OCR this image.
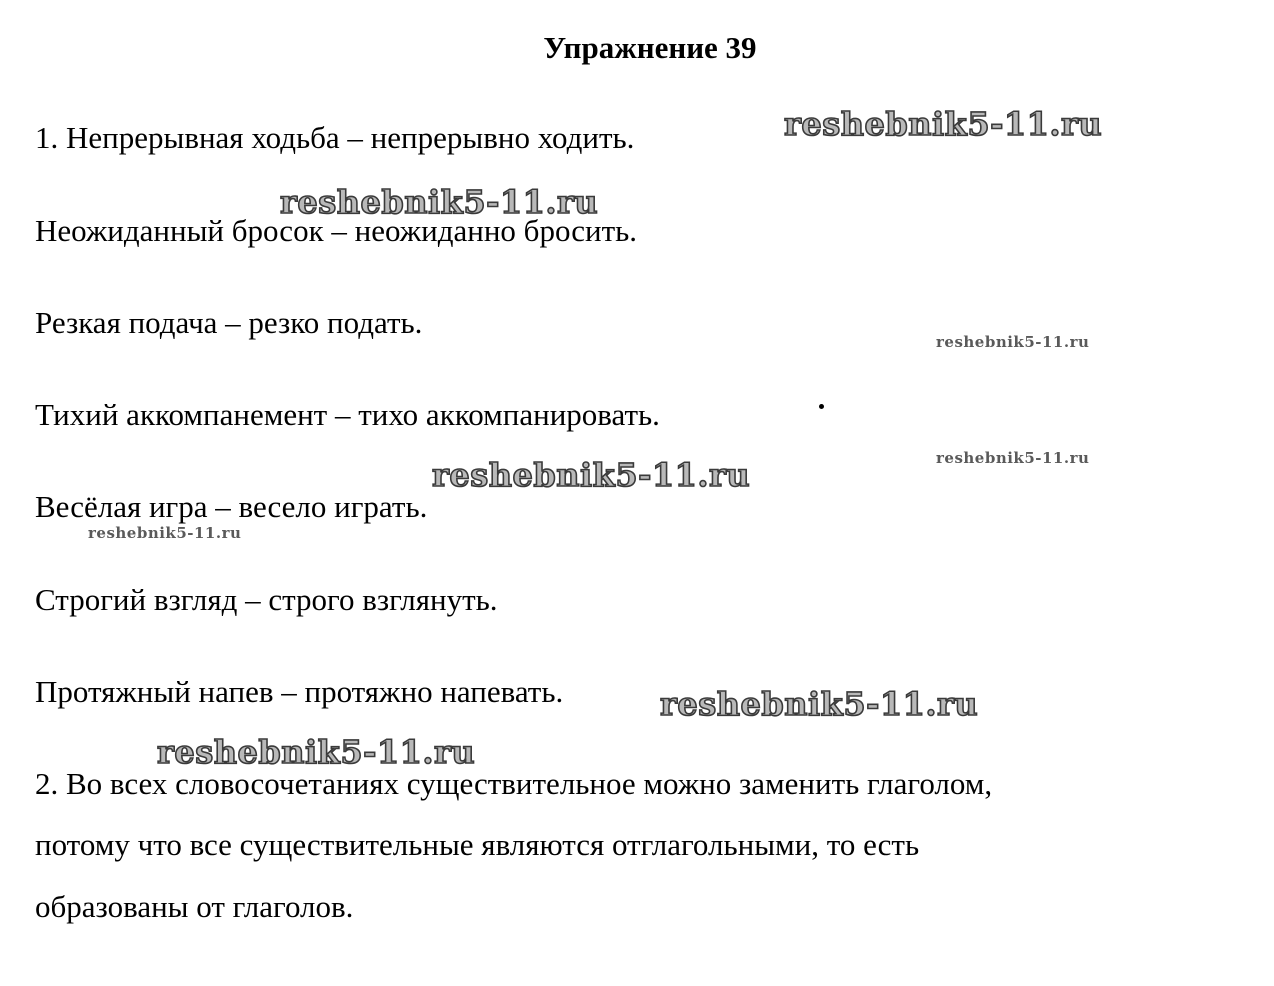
Упражнение 39
1. Непрерывная ходьба – непрерывно ходить.
Неожиданный бросок – неожиданно бросить.
Резкая подача – резко подать.
Тихий аккомпанемент – тихо аккомпанировать.
Весёлая игра – весело играть.
Строгий взгляд – строго взглянуть.
Протяжный напев – протяжно напевать.
2. Во всех словосочетаниях существительное можно заменить глаголом,
потому что все существительные являются отглагольными, то есть
образованы от глаголов.
reshebnik5-11.ru
reshebnik5-11.ru
reshebnik5-11.ru
reshebnik5-11.ru
reshebnik5-11.ru
reshebnik5-11.ru
reshebnik5-11.ru
reshebnik5-11.ru
